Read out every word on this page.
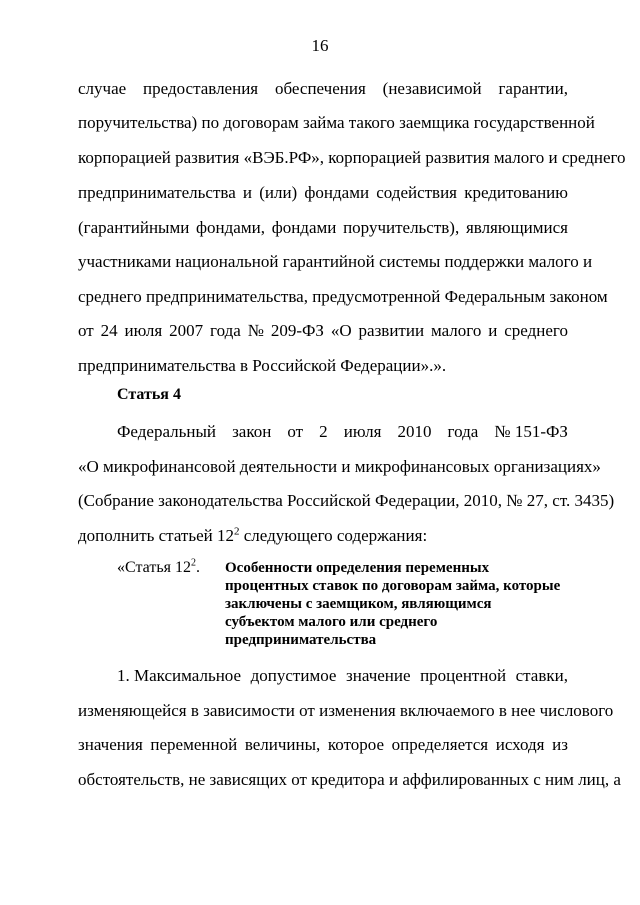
16
случае предоставления обеспечения (независимой гарантии,
поручительства) по договорам займа такого заемщика государственной
корпорацией развития «ВЭБ.РФ», корпорацией развития малого и среднего
предпринимательства и (или) фондами содействия кредитованию
(гарантийными фондами, фондами поручительств), являющимися
участниками национальной гарантийной системы поддержки малого и
среднего предпринимательства, предусмотренной Федеральным законом
от 24 июля 2007 года № 209-ФЗ «О развитии малого и среднего
предпринимательства в Российской Федерации».».
Статья 4
Федеральный закон от 2 июля 2010 года № 151-ФЗ
«О микрофинансовой деятельности и микрофинансовых организациях»
(Собрание законодательства Российской Федерации, 2010, № 27, ст. 3435)
дополнить статьей $12^2$ следующего содержания:
«Статья $12^2$. Особенности определения переменных
процентных ставок по договорам займа, которые
заключены с заемщиком, являющимся
субъектом малого или среднего
предпринимательства
1. Максимальное допустимое значение процентной ставки,
изменяющейся в зависимости от изменения включаемого в нее числового
значения переменной величины, которое определяется исходя из
обстоятельств, не зависящих от кредитора и аффилированных с ним лиц, а
